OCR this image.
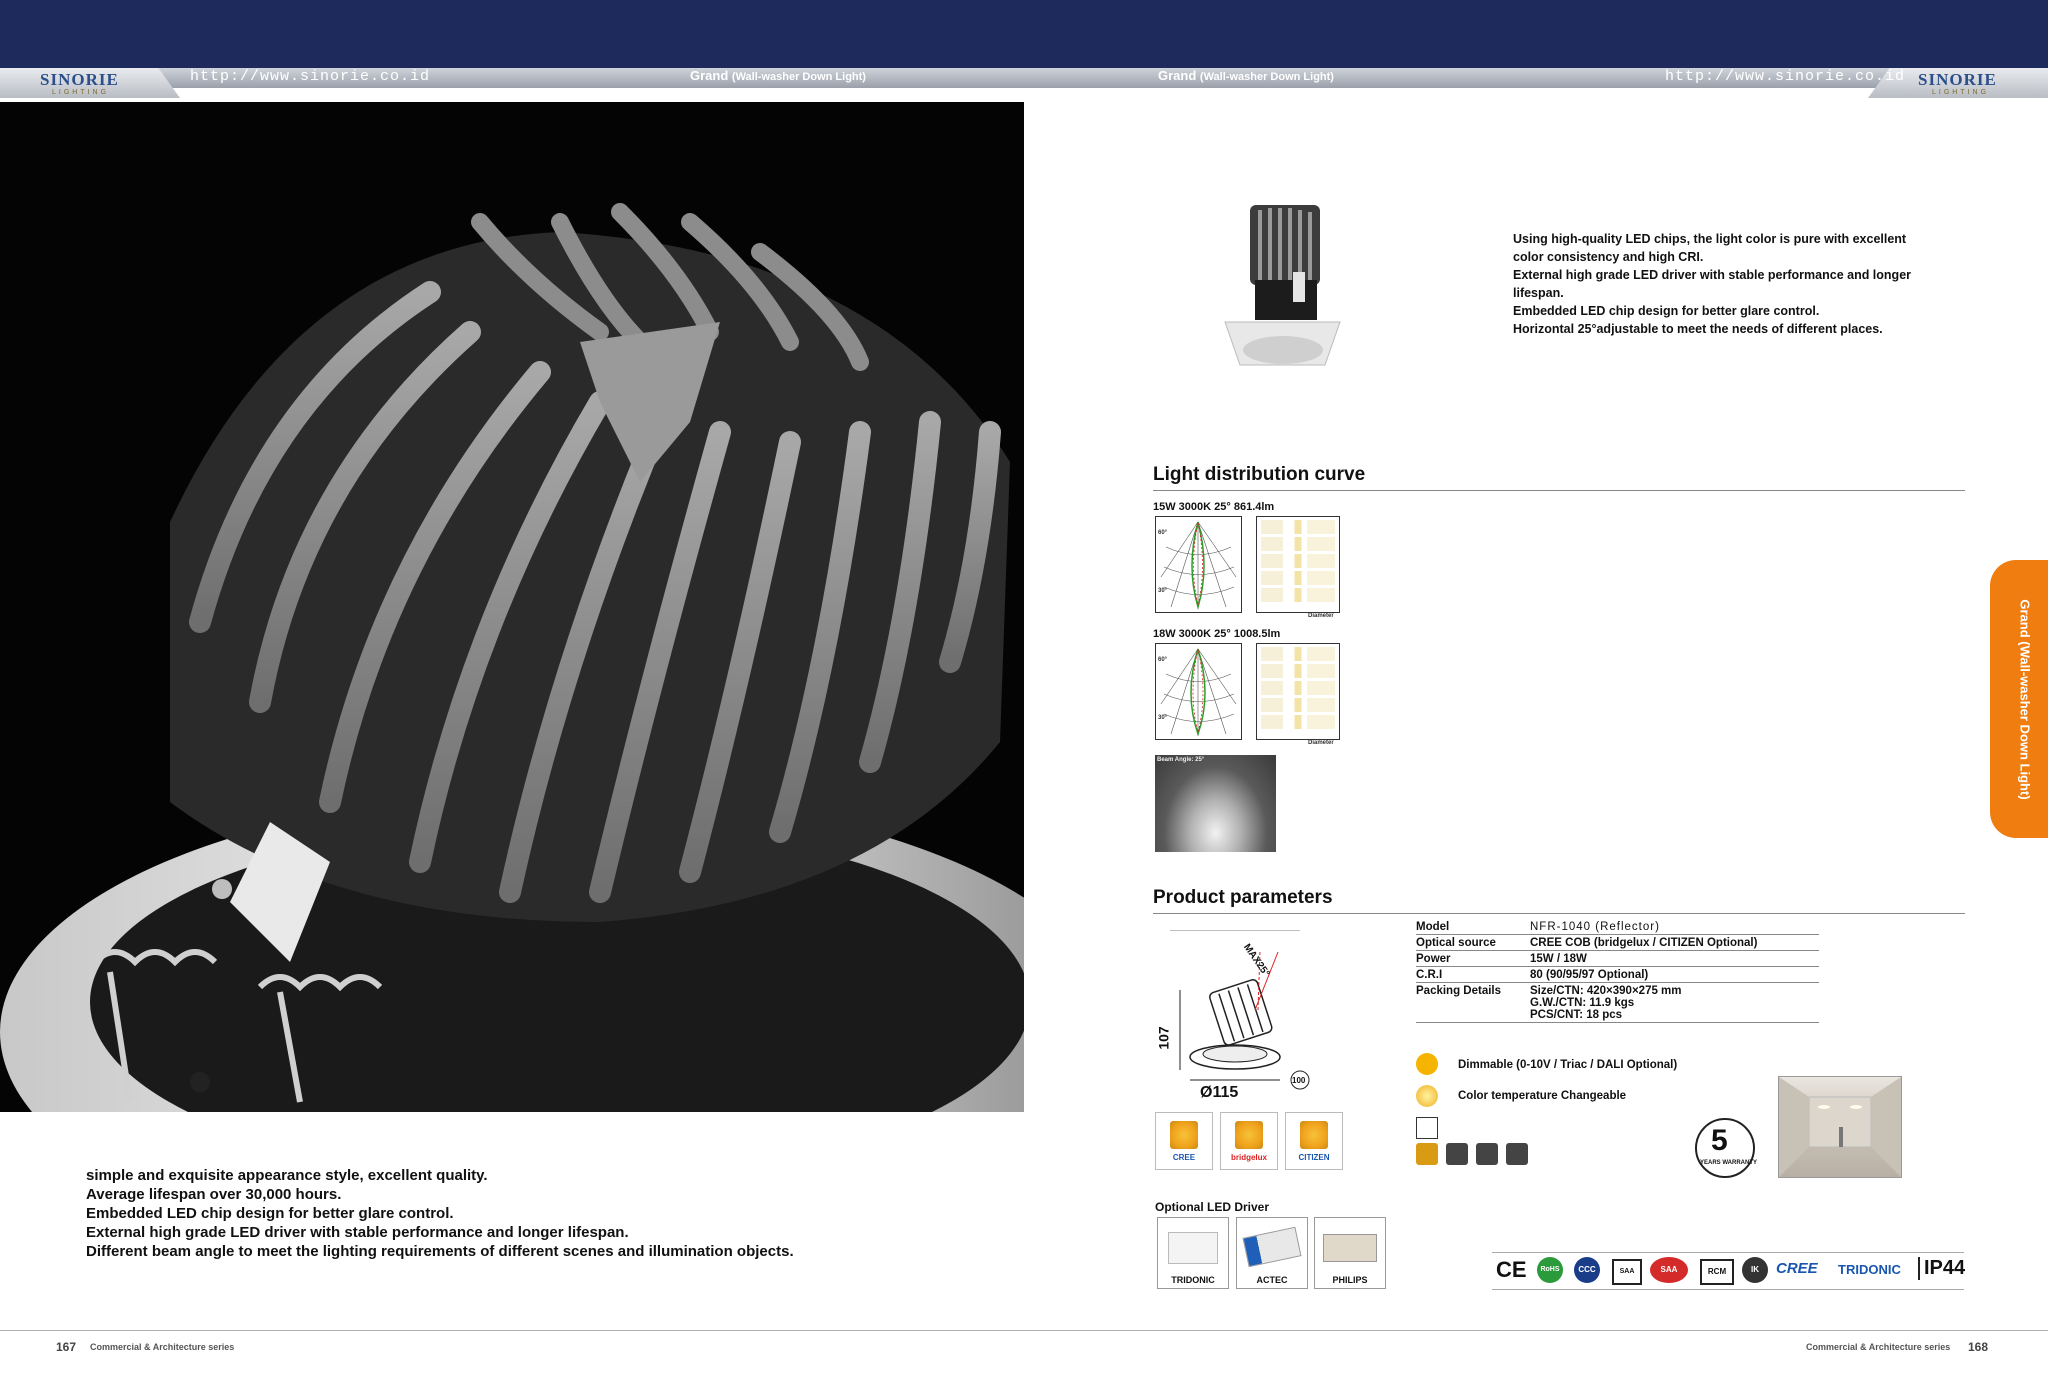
SINORIE
LIGHTING
SINORIE
LIGHTING
http://www.sinorie.co.id	http://www.sinorie.co.id
Grand (Wall-washer Down Light)	Grand (Wall-washer Down Light)
simple and exquisite appearance style, excellent quality.
Average lifespan over 30,000 hours.
Embedded LED chip design for better glare control.
External high grade LED driver with stable performance and longer lifespan.
Different beam angle to meet the lighting requirements of different scenes and illumination objects.
167 Commercial & Architecture series
Using high-quality LED chips, the light color is pure with excellent
color consistency and high CRI.
External high grade LED driver with stable performance and longer
lifespan.
Embedded LED chip design for better glare control.
Horizontal 25°adjustable to meet the needs of different places.
Light distribution curve
15W 3000K 25° 861.4lm
60°
30°
Diameter
18W 3000K 25° 1008.5lm
60°
30°
Diameter
Beam Angle: 25°
Product parameters
MAX25°
107
Ø115
100
Model	NFR-1040 (Reflector)
Optical source	CREE COB (bridgelux / CITIZEN Optional)
Power	15W / 18W
C.R.I	80 (90/95/97 Optional)
Packing Details	Size/CTN: 420×390×275 mm
G.W./CTN: 11.9 kgs
PCS/CNT: 18 pcs
Dimmable (0-10V / Triac / DALI Optional)
Color temperature Changeable
5
YEARS WARRANTY
CREE	bridgelux	CITIZEN
Optional LED Driver
TRIDONIC	ACTEC	PHILIPS	CE	RoHS	CCC	SAA	SAA	RCM	IK	CREE TRIDONIC	IP44
Grand (Wall-washer Down Light)
Commercial & Architecture series 168
